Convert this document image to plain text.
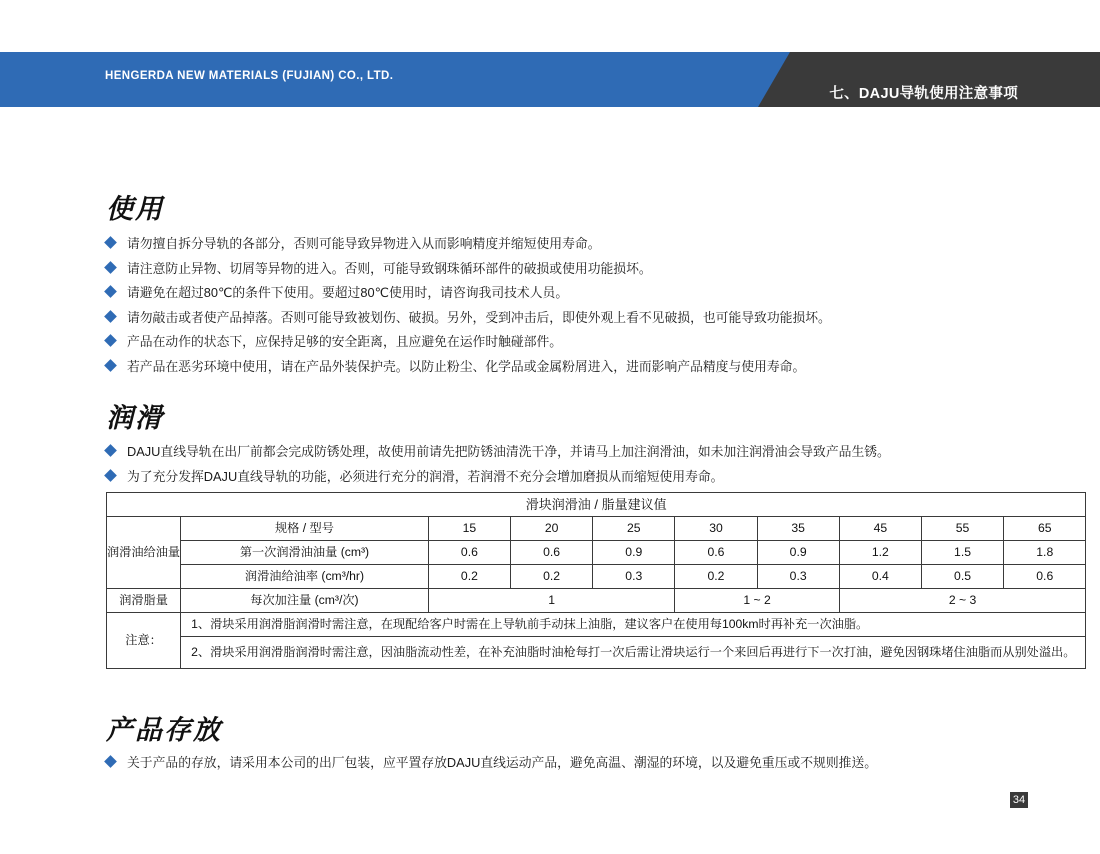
HENGERDA NEW MATERIALS (FUJIAN) CO., LTD.
七、DAJU导轨使用注意事项
使用
请勿擅自拆分导轨的各部分，否则可能导致异物进入从而影响精度并缩短使用寿命。
请注意防止异物、切屑等异物的进入。否则，可能导致钢珠循环部件的破损或使用功能损坏。
请避免在超过80℃的条件下使用。要超过80℃使用时，请咨询我司技术人员。
请勿敲击或者使产品掉落。否则可能导致被划伤、破损。另外，受到冲击后，即使外观上看不见破损，也可能导致功能损坏。
产品在动作的状态下，应保持足够的安全距离，且应避免在运作时触碰部件。
若产品在恶劣环境中使用，请在产品外装保护壳。以防止粉尘、化学品或金属粉屑进入，进而影响产品精度与使用寿命。
润滑
DAJU直线导轨在出厂前都会完成防锈处理，故使用前请先把防锈油清洗干净，并请马上加注润滑油，如未加注润滑油会导致产品生锈。
为了充分发挥DAJU直线导轨的功能，必须进行充分的润滑，若润滑不充分会增加磨损从而缩短使用寿命。
滑块润滑油 / 脂量建议值									
润滑油给油量	规格 / 型号	15	20	25	30	35	45	55	65
	第一次润滑油油量 (cm³)	0.6	0.6	0.9	0.6	0.9	1.2	1.5	1.8
	润滑油给油率 (cm³/hr)	0.2	0.2	0.3	0.2	0.3	0.4	0.5	0.6
润滑脂量	每次加注量 (cm³/次)	1			1 ~ 2		2 ~ 3		
注意：	1、滑块采用润滑脂润滑时需注意，在现配给客户时需在上导轨前手动抹上油脂，建议客户在使用每100km时再补充一次油脂。								
	2、滑块采用润滑脂润滑时需注意，因油脂流动性差，在补充油脂时油枪每打一次后需让滑块运行一个来回后再进行下一次打油，避免因钢珠堵住油脂而从别处溢出。								
产品存放
关于产品的存放，请采用本公司的出厂包装，应平置存放DAJU直线运动产品，避免高温、潮湿的环境，以及避免重压或不规则推送。
34
